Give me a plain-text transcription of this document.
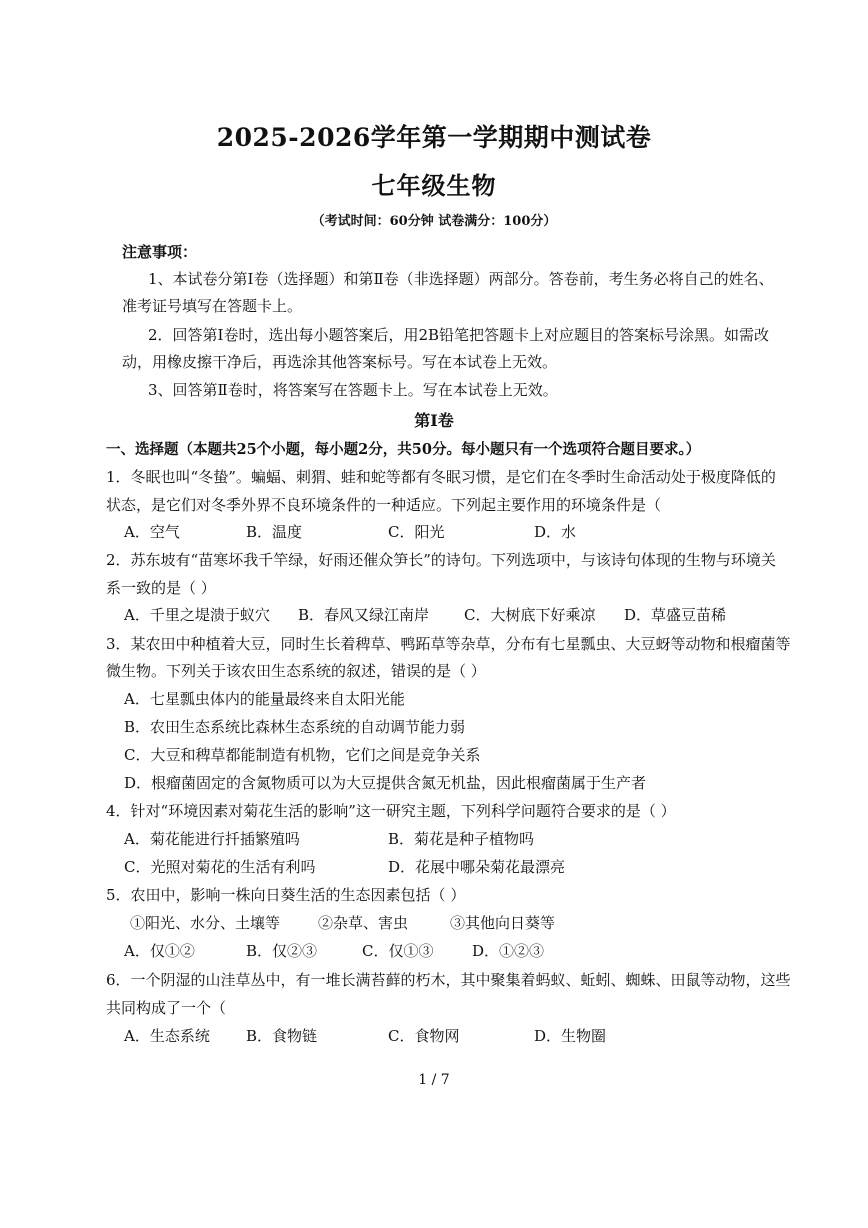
2025-2026学年第一学期期中测试卷
七年级生物
（考试时间：60分钟 试卷满分：100分）
注意事项：
1、本试卷分第Ⅰ卷（选择题）和第Ⅱ卷（非选择题）两部分。答卷前，考生务必将自己的姓名、
准考证号填写在答题卡上。
2．回答第Ⅰ卷时，选出每小题答案后，用2B铅笔把答题卡上对应题目的答案标号涂黑。如需改
动，用橡皮擦干净后，再选涂其他答案标号。写在本试卷上无效。
3、回答第Ⅱ卷时，将答案写在答题卡上。写在本试卷上无效。
第Ⅰ卷
一、选择题（本题共25个小题，每小题2分，共50分。每小题只有一个选项符合题目要求。）
1．冬眠也叫“冬蛰”。蝙蝠、刺猬、蛙和蛇等都有冬眠习惯，是它们在冬季时生命活动处于极度降低的
状态，是它们对冬季外界不良环境条件的一种适应。下列起主要作用的环境条件是（
A．空气	B．温度	C．阳光	D．水
2．苏东坡有“苗寒坏我千竿绿，好雨还催众笋长”的诗句。下列选项中，与该诗句体现的生物与环境关
系一致的是（ ）
A．千里之堤溃于蚁穴 B．春风又绿江南岸 C．大树底下好乘凉 D．草盛豆苗稀
3．某农田中种植着大豆，同时生长着稗草、鸭跖草等杂草，分布有七星瓢虫、大豆蚜等动物和根瘤菌等
微生物。下列关于该农田生态系统的叙述，错误的是（ ）
A．七星瓢虫体内的能量最终来自太阳光能
B．农田生态系统比森林生态系统的自动调节能力弱
C．大豆和稗草都能制造有机物，它们之间是竞争关系
D．根瘤菌固定的含氮物质可以为大豆提供含氮无机盐，因此根瘤菌属于生产者
4．针对“环境因素对菊花生活的影响”这一研究主题，下列科学问题符合要求的是（ ）
A．菊花能进行扦插繁殖吗	B．菊花是种子植物吗
C．光照对菊花的生活有利吗	D．花展中哪朵菊花最漂亮
5．农田中，影响一株向日葵生活的生态因素包括（ ）
①阳光、水分、土壤等	②杂草、害虫	③其他向日葵等
A．仅①②	B．仅②③	C．仅①③	D．①②③
6．一个阴湿的山洼草丛中，有一堆长满苔藓的朽木，其中聚集着蚂蚁、蚯蚓、蜘蛛、田鼠等动物，这些
共同构成了一个（
A．生态系统 B．食物链	C．食物网	D．生物圈
1 / 7
